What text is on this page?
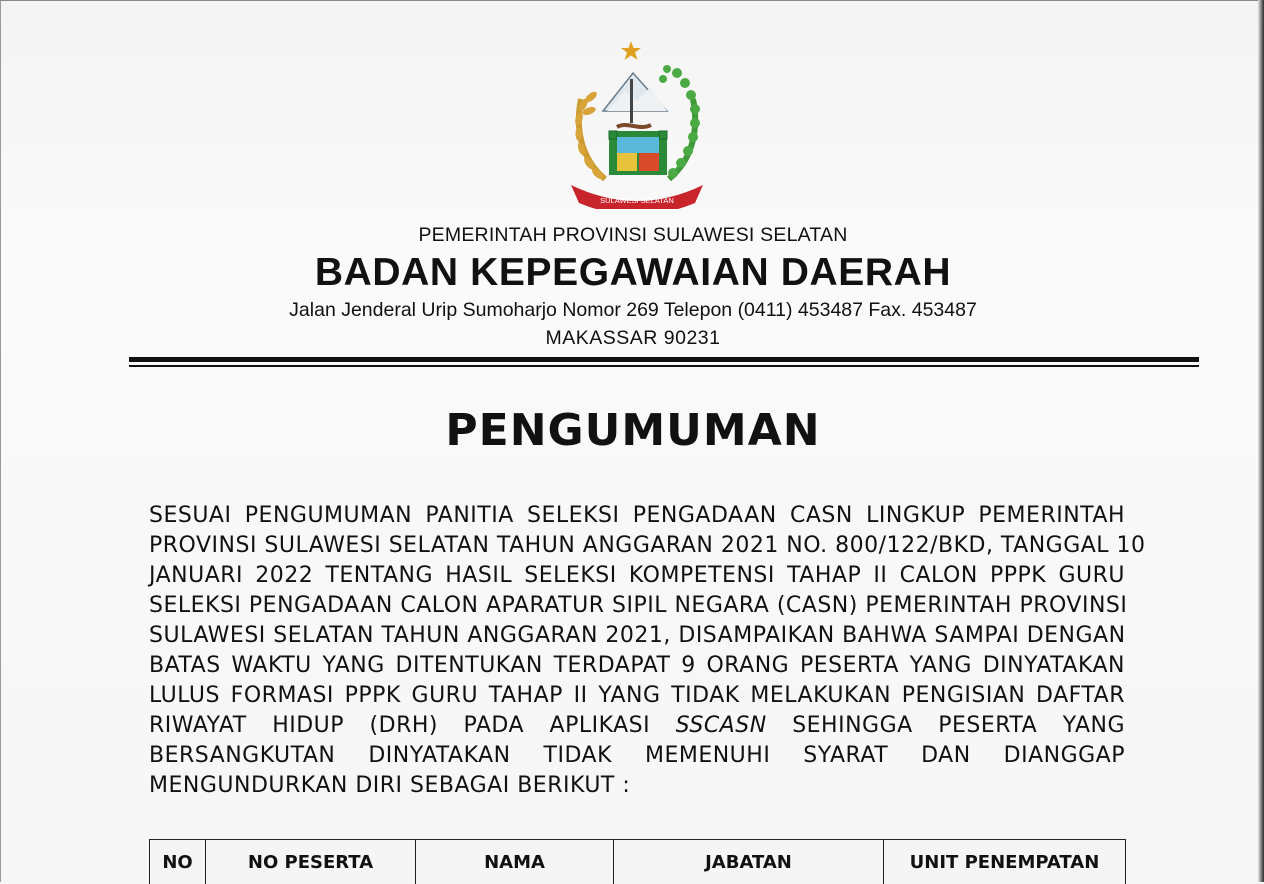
SULAWESI SELATAN
PEMERINTAH PROVINSI SULAWESI SELATAN
BADAN KEPEGAWAIAN DAERAH
Jalan Jenderal Urip Sumoharjo Nomor 269 Telepon (0411) 453487 Fax. 453487
MAKASSAR 90231
PENGUMUMAN
SESUAI PENGUMUMAN PANITIA SELEKSI PENGADAAN CASN LINGKUP PEMERINTAH
PROVINSI SULAWESI SELATAN TAHUN ANGGARAN 2021 NO. 800/122/BKD, TANGGAL 10
JANUARI 2022 TENTANG HASIL SELEKSI KOMPETENSI TAHAP II CALON PPPK GURU
SELEKSI PENGADAAN CALON APARATUR SIPIL NEGARA (CASN) PEMERINTAH PROVINSI
SULAWESI SELATAN TAHUN ANGGARAN 2021, DISAMPAIKAN BAHWA SAMPAI DENGAN
BATAS WAKTU YANG DITENTUKAN TERDAPAT 9 ORANG PESERTA YANG DINYATAKAN
LULUS FORMASI PPPK GURU TAHAP II YANG TIDAK MELAKUKAN PENGISIAN DAFTAR
RIWAYAT HIDUP (DRH) PADA APLIKASI SSCASN SEHINGGA PESERTA YANG
BERSANGKUTAN DINYATAKAN TIDAK MEMENUHI SYARAT DAN DIANGGAP
MENGUNDURKAN DIRI SEBAGAI BERIKUT :
NO	NO PESERTA	NAMA	JABATAN	UNIT PENEMPATAN
